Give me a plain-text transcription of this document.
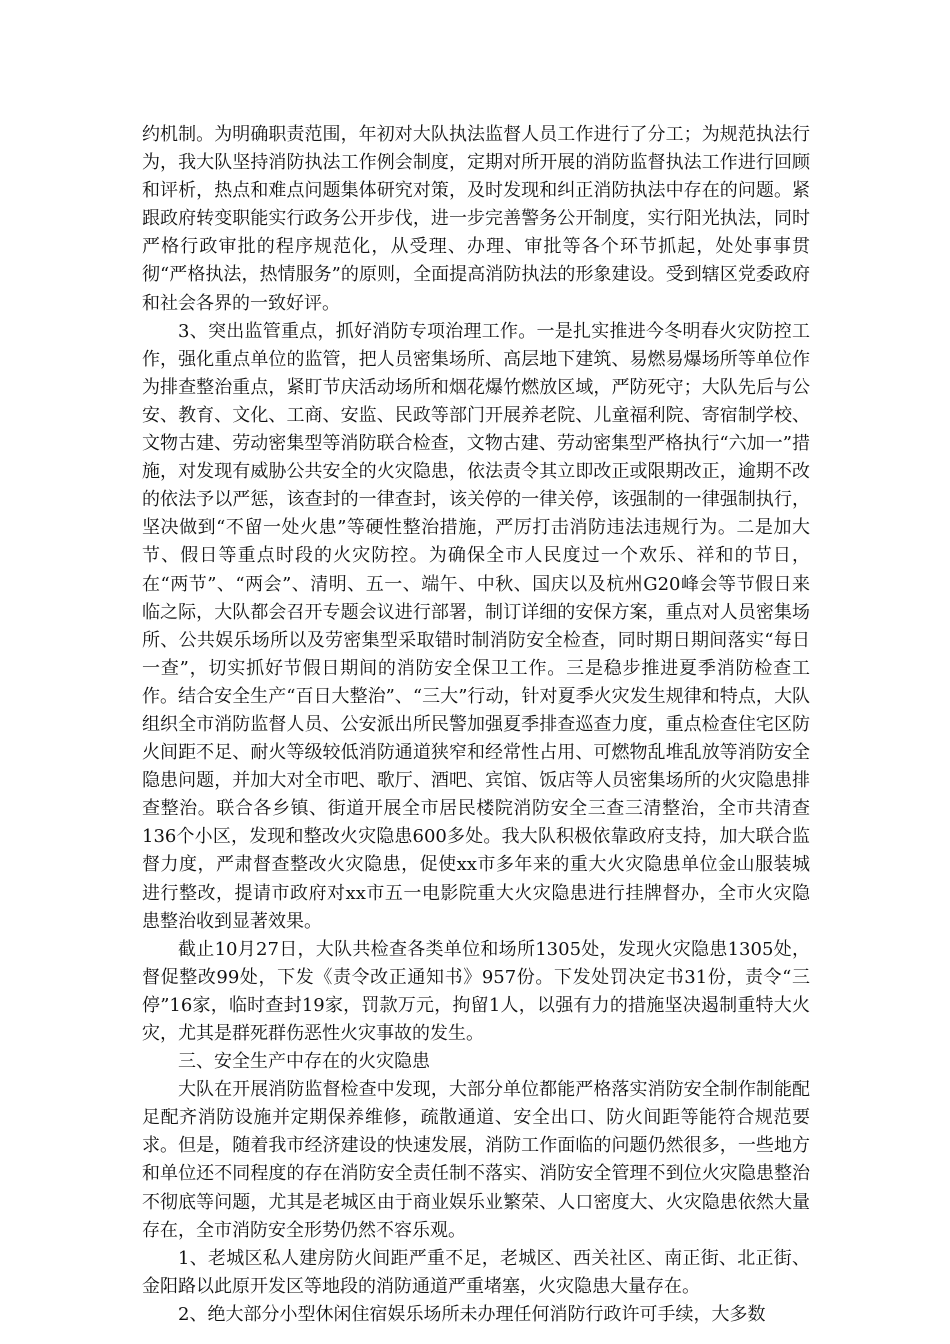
约机制。为明确职责范围，年初对大队执法监督人员工作进行了分工；为规范执法行为，我大队坚持消防执法工作例会制度，定期对所开展的消防监督执法工作进行回顾和评析，热点和难点问题集体研究对策，及时发现和纠正消防执法中存在的问题。紧跟政府转变职能实行政务公开步伐，进一步完善警务公开制度，实行阳光执法，同时严格行政审批的程序规范化，从受理、办理、审批等各个环节抓起，处处事事贯彻“严格执法，热情服务”的原则，全面提高消防执法的形象建设。受到辖区党委政府和社会各界的一致好评。

3、突出监管重点，抓好消防专项治理工作。一是扎实推进今冬明春火灾防控工作，强化重点单位的监管，把人员密集场所、高层地下建筑、易燃易爆场所等单位作为排查整治重点，紧盯节庆活动场所和烟花爆竹燃放区域，严防死守；大队先后与公安、教育、文化、工商、安监、民政等部门开展养老院、儿童福利院、寄宿制学校、文物古建、劳动密集型等消防联合检查，文物古建、劳动密集型严格执行“六加一”措施，对发现有威胁公共安全的火灾隐患，依法责令其立即改正或限期改正，逾期不改的依法予以严惩，该查封的一律查封，该关停的一律关停，该强制的一律强制执行，坚决做到“不留一处火患”等硬性整治措施，严厉打击消防违法违规行为。二是加大节、假日等重点时段的火灾防控。为确保全市人民度过一个欢乐、祥和的节日，在“两节”、“两会”、清明、五一、端午、中秋、国庆以及杭州G20峰会等节假日来临之际，大队都会召开专题会议进行部署，制订详细的安保方案，重点对人员密集场所、公共娱乐场所以及劳密集型采取错时制消防安全检查，同时期日期间落实“每日一查”，切实抓好节假日期间的消防安全保卫工作。三是稳步推进夏季消防检查工作。结合安全生产“百日大整治”、“三大”行动，针对夏季火灾发生规律和特点，大队组织全市消防监督人员、公安派出所民警加强夏季排查巡查力度，重点检查住宅区防火间距不足、耐火等级较低消防通道狭窄和经常性占用、可燃物乱堆乱放等消防安全隐患问题，并加大对全市吧、歌厅、酒吧、宾馆、饭店等人员密集场所的火灾隐患排查整治。联合各乡镇、街道开展全市居民楼院消防安全三查三清整治，全市共清查136个小区，发现和整改火灾隐患600多处。我大队积极依靠政府支持，加大联合监督力度，严肃督查整改火灾隐患，促使xx市多年来的重大火灾隐患单位金山服装城进行整改，提请市政府对xx市五一电影院重大火灾隐患进行挂牌督办，全市火灾隐患整治收到显著效果。

截止10月27日，大队共检查各类单位和场所1305处，发现火灾隐患1305处，督促整改99处，下发《责令改正通知书》957份。下发处罚决定书31份，责令“三停”16家，临时查封19家，罚款万元，拘留1人，以强有力的措施坚决遏制重特大火灾，尤其是群死群伤恶性火灾事故的发生。

三、安全生产中存在的火灾隐患

大队在开展消防监督检查中发现，大部分单位都能严格落实消防安全制作制能配足配齐消防设施并定期保养维修，疏散通道、安全出口、防火间距等能符合规范要求。但是，随着我市经济建设的快速发展，消防工作面临的问题仍然很多，一些地方和单位还不同程度的存在消防安全责任制不落实、消防安全管理不到位火灾隐患整治不彻底等问题，尤其是老城区由于商业娱乐业繁荣、人口密度大、火灾隐患依然大量存在，全市消防安全形势仍然不容乐观。

1、老城区私人建房防火间距严重不足，老城区、西关社区、南正街、北正街、金阳路以此原开发区等地段的消防通道严重堵塞，火灾隐患大量存在。

2、绝大部分小型休闲住宿娱乐场所未办理任何消防行政许可手续，大多数
